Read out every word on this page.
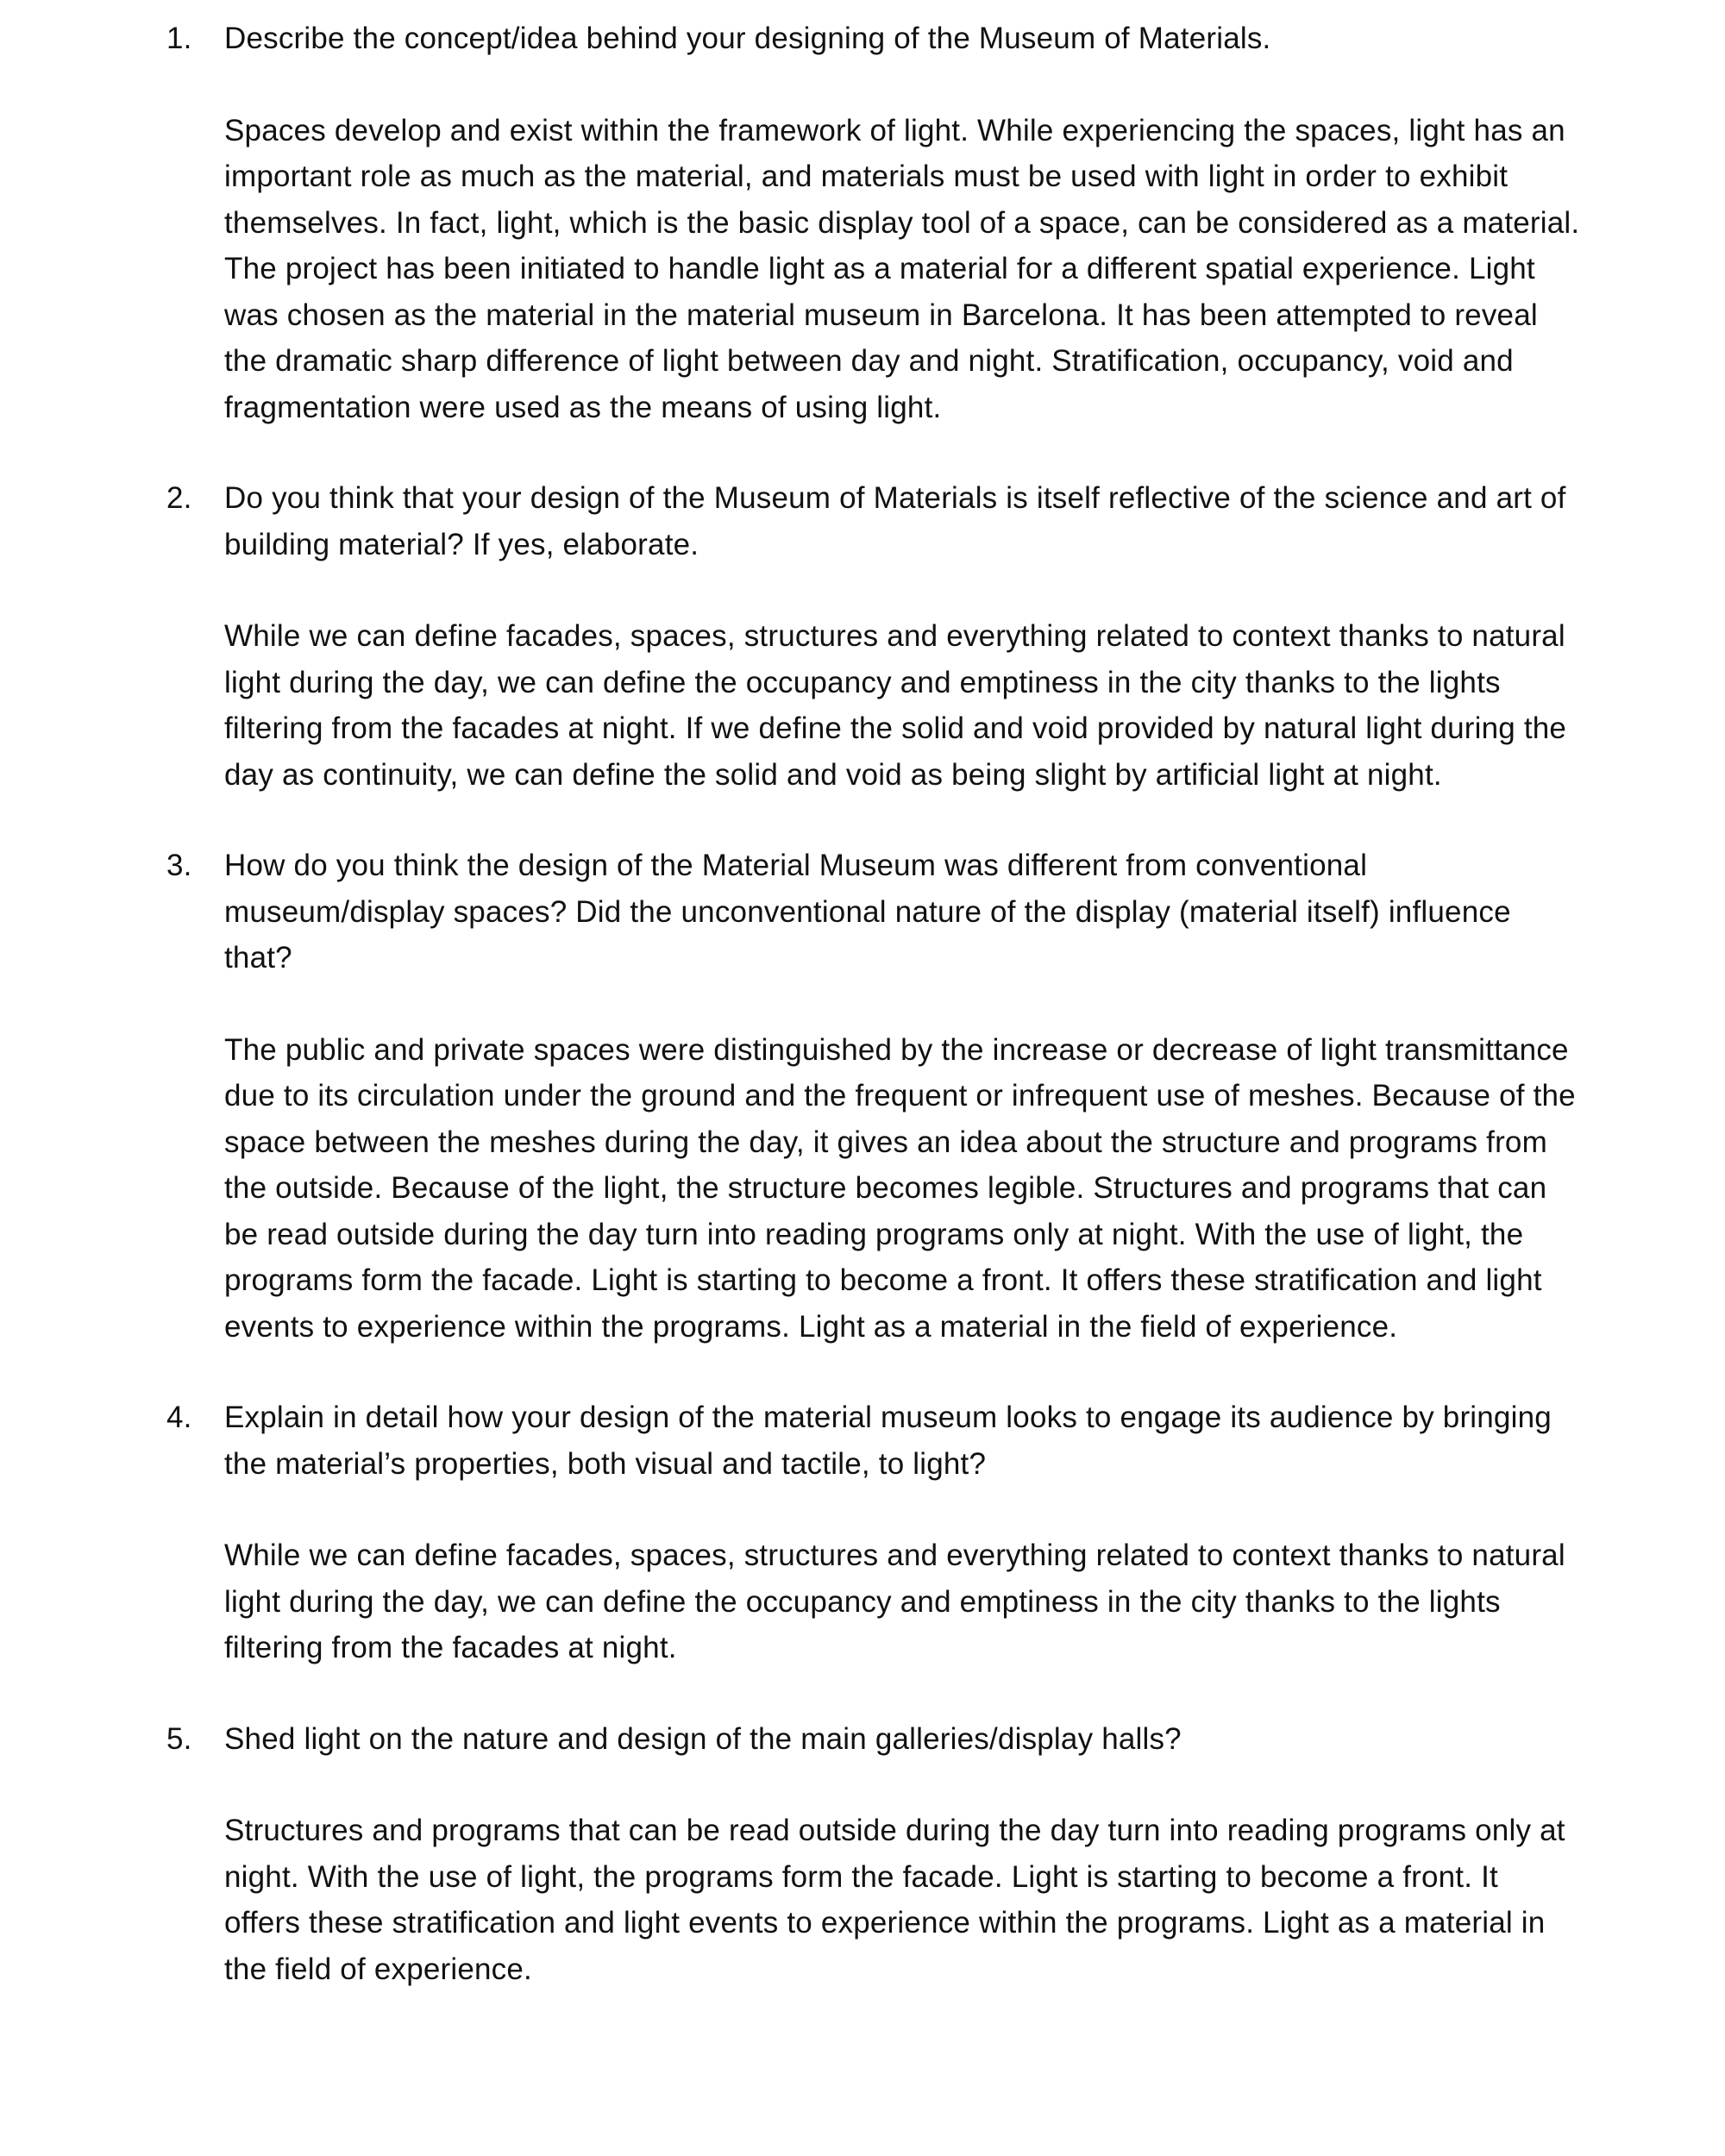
1. Describe the concept/idea behind your designing of the Museum of Materials.

Spaces develop and exist within the framework of light. While experiencing the spaces, light has an important role as much as the material, and materials must be used with light in order to exhibit themselves. In fact, light, which is the basic display tool of a space, can be considered as a material. The project has been initiated to handle light as a material for a different spatial experience. Light was chosen as the material in the material museum in Barcelona. It has been attempted to reveal the dramatic sharp difference of light between day and night. Stratification, occupancy, void and fragmentation were used as the means of using light.

2. Do you think that your design of the Museum of Materials is itself reflective of the science and art of building material? If yes, elaborate.

While we can define facades, spaces, structures and everything related to context thanks to natural light during the day, we can define the occupancy and emptiness in the city thanks to the lights filtering from the facades at night. If we define the solid and void provided by natural light during the day as continuity, we can define the solid and void as being slight by artificial light at night.

3. How do you think the design of the Material Museum was different from conventional museum/display spaces? Did the unconventional nature of the display (material itself) influence that?

The public and private spaces were distinguished by the increase or decrease of light transmittance due to its circulation under the ground and the frequent or infrequent use of meshes. Because of the space between the meshes during the day, it gives an idea about the structure and programs from the outside. Because of the light, the structure becomes legible. Structures and programs that can be read outside during the day turn into reading programs only at night. With the use of light, the programs form the facade. Light is starting to become a front. It offers these stratification and light events to experience within the programs. Light as a material in the field of experience.

4. Explain in detail how your design of the material museum looks to engage its audience by bringing the material’s properties, both visual and tactile, to light?

While we can define facades, spaces, structures and everything related to context thanks to natural light during the day, we can define the occupancy and emptiness in the city thanks to the lights filtering from the facades at night.

5. Shed light on the nature and design of the main galleries/display halls?

Structures and programs that can be read outside during the day turn into reading programs only at night. With the use of light, the programs form the facade. Light is starting to become a front. It offers these stratification and light events to experience within the programs. Light as a material in the field of experience.
